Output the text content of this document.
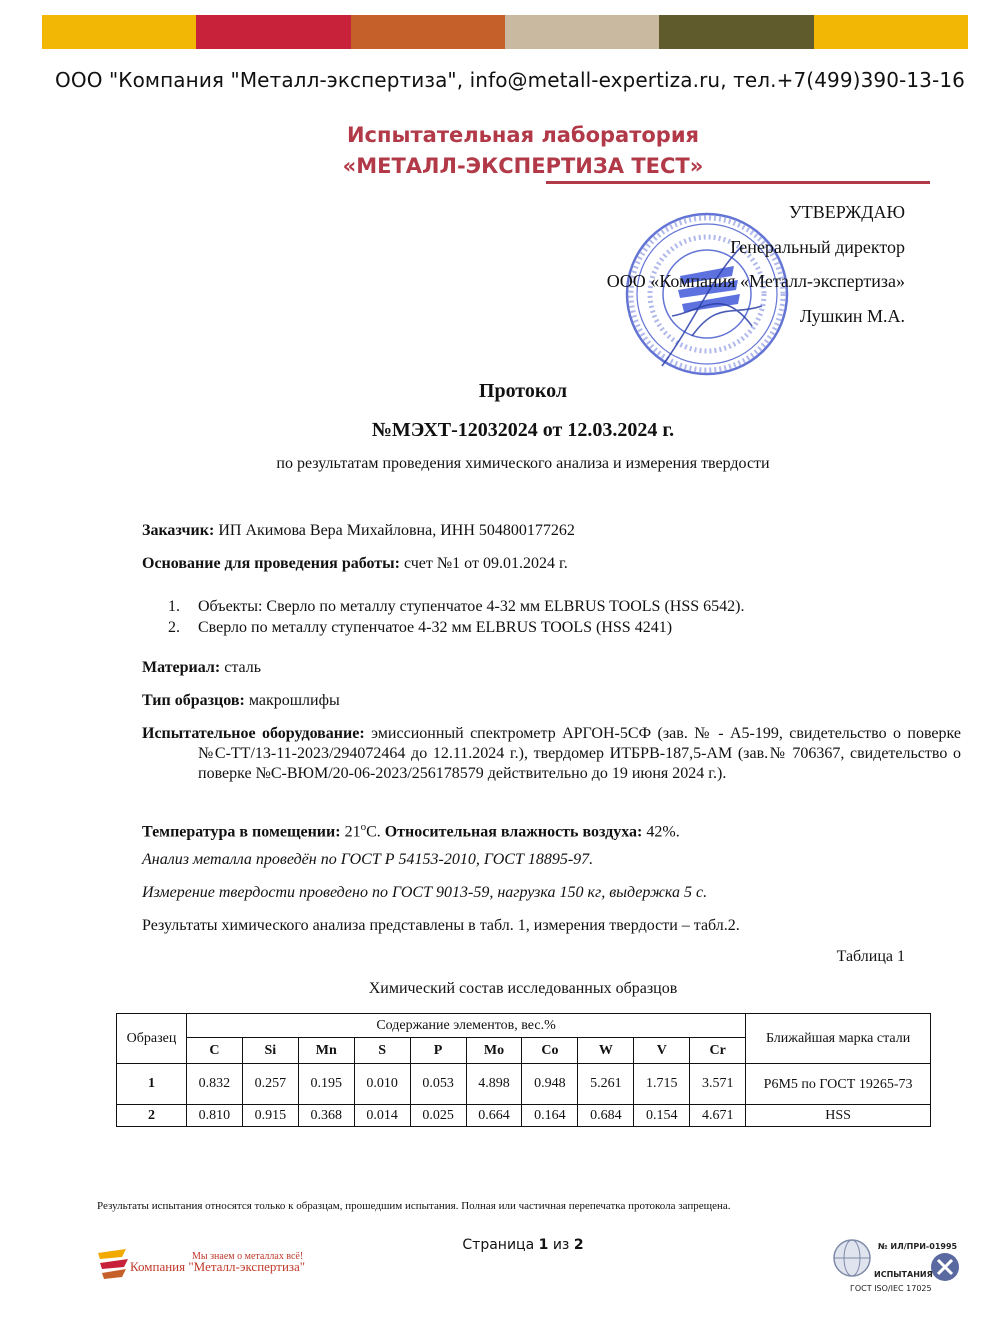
ООО "Компания "Металл-экспертиза", info@metall-expertiza.ru, тел.+7(499)390-13-16
Испытательная лаборатория
«МЕТАЛЛ-ЭКСПЕРТИЗА ТЕСТ»
УТВЕРЖДАЮ
Генеральный директор
ООО «Компания «Металл-экспертиза»
Лушкин М.А.
Протокол
№МЭХТ-12032024 от 12.03.2024 г.
по результатам проведения химического анализа и измерения твердости
Заказчик: ИП Акимова Вера Михайловна, ИНН 504800177262
Основание для проведения работы: счет №1 от 09.01.2024 г.
1. Объекты: Сверло по металлу ступенчатое 4-32 мм ELBRUS TOOLS (HSS 6542).
2. Сверло по металлу ступенчатое 4-32 мм ELBRUS TOOLS (HSS 4241)
Материал: сталь
Тип образцов: макрошлифы
Испытательное оборудование: эмиссионный спектрометр АРГОН-5СФ (зав. № - А5-199, свидетельство о поверке №С-ТТ/13-11-2023/294072464 до 12.11.2024 г.), твердомер ИТБРВ-187,5-АМ (зав.№ 706367, свидетельство о поверке №С-ВЮМ/20-06-2023/256178579 действительно до 19 июня 2024 г.).
Температура в помещении: $21^оС$. Относительная влажность воздуха: 42%.
Анализ металла проведён по ГОСТ Р 54153-2010, ГОСТ 18895-97.
Измерение твердости проведено по ГОСТ 9013-59, нагрузка 150 кг, выдержка 5 с.
Результаты химического анализа представлены в табл. 1, измерения твердости – табл.2.
Таблица 1
Химический состав исследованных образцов
Образец	Содержание элементов, вес.%										Ближайшая марка стали
	C	Si	Mn	S	P	Mo	Co	W	V	Cr	
1	0.832	0.257	0.195	0.010	0.053	4.898	0.948	5.261	1.715	3.571	Р6М5 по ГОСТ 19265-73
2	0.810	0.915	0.368	0.014	0.025	0.664	0.164	0.684	0.154	4.671	HSS
Результаты испытания относятся только к образцам, прошедшим испытания. Полная или частичная перепечатка протокола запрещена.
Страница 1 из 2
Мы знаем о металлах всё!
Компания "Металл-экспертиза"
№ ИЛ/ПРИ-01995
ИСПЫТАНИЯ
ГОСТ ISO/IEC 17025
